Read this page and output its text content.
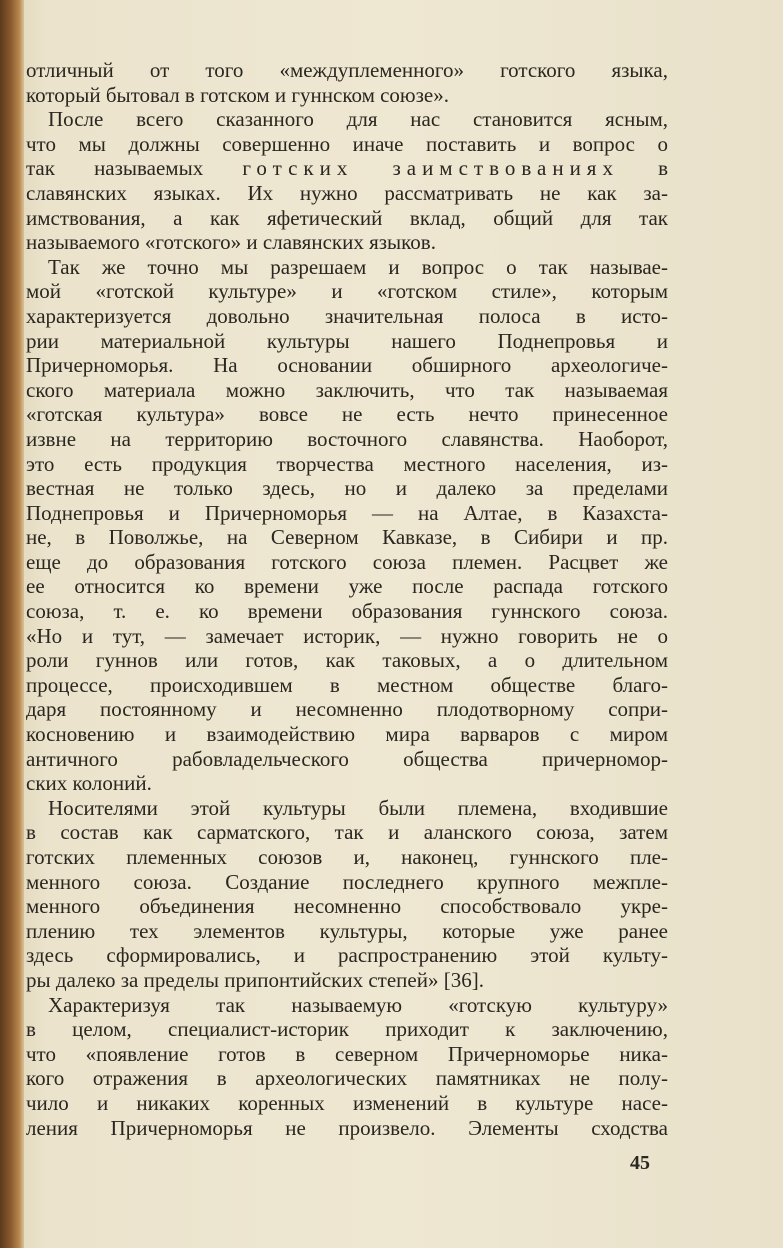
отличный от того «междуплеменного» готского языка,

который бытовал в готском и гуннском союзе».

После всего сказанного для нас становится ясным,

что мы должны совершенно иначе поставить и вопрос о

так называемых готских заимствованиях в

славянских языках. Их нужно рассматривать не как за-

имствования, а как яфетический вклад, общий для так

называемого «готского» и славянских языков.

Так же точно мы разрешаем и вопрос о так называе-

мой «готской культуре» и «готском стиле», которым

характеризуется довольно значительная полоса в исто-

рии материальной культуры нашего Поднепровья и

Причерноморья. На основании обширного археологиче-

ского материала можно заключить, что так называемая

«готская культура» вовсе не есть нечто принесенное

извне на территорию восточного славянства. Наоборот,

это есть продукция творчества местного населения, из-

вестная не только здесь, но и далеко за пределами

Поднепровья и Причерноморья — на Алтае, в Казахста-

не, в Поволжье, на Северном Кавказе, в Сибири и пр.

еще до образования готского союза племен. Расцвет же

ее относится ко времени уже после распада готского

союза, т. е. ко времени образования гуннского союза.

«Но и тут, — замечает историк, — нужно говорить не о

роли гуннов или готов, как таковых, а о длительном

процессе, происходившем в местном обществе благо-

даря постоянному и несомненно плодотворному сопри-

косновению и взаимодействию мира варваров с миром

античного рабовладельческого общества причерномор-

ских колоний.

Носителями этой культуры были племена, входившие

в состав как сарматского, так и аланского союза, затем

готских племенных союзов и, наконец, гуннского пле-

менного союза. Создание последнего крупного межпле-

менного объединения несомненно способствовало укре-

плению тех элементов культуры, которые уже ранее

здесь сформировались, и распространению этой культу-

ры далеко за пределы припонтийских степей» [36].

Характеризуя так называемую «готскую культуру»

в целом, специалист-историк приходит к заключению,

что «появление готов в северном Причерноморье ника-

кого отражения в археологических памятниках не полу-

чило и никаких коренных изменений в культуре насе-

ления Причерноморья не произвело. Элементы сходства

45
